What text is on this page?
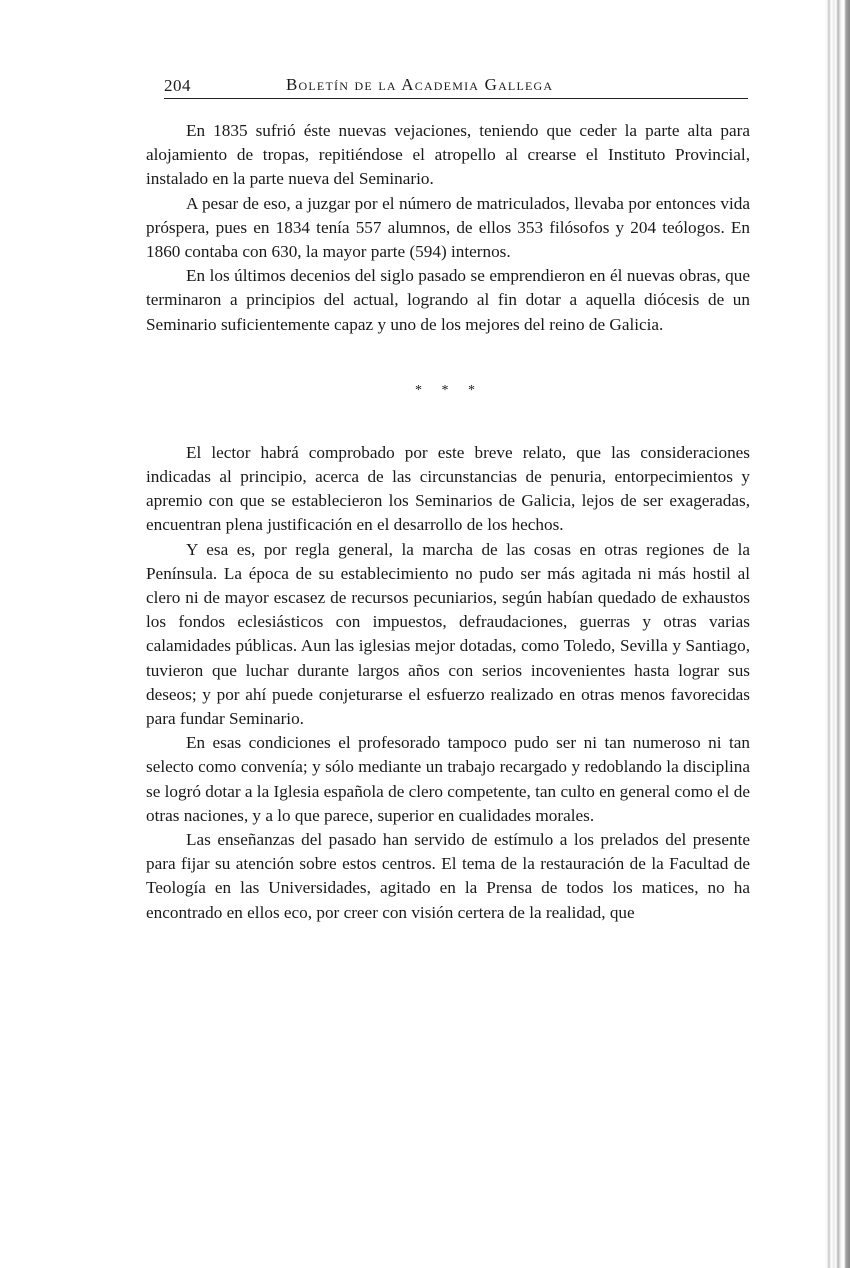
204	Boletín de la Academia Gallega

En 1835 sufrió éste nuevas vejaciones, teniendo que ceder la parte alta para alojamiento de tropas, repitiéndose el atropello al crearse el Instituto Provincial, instalado en la parte nueva del Seminario.

A pesar de eso, a juzgar por el número de matriculados, llevaba por entonces vida próspera, pues en 1834 tenía 557 alumnos, de ellos 353 filósofos y 204 teólogos. En 1860 contaba con 630, la mayor parte (594) internos.

En los últimos decenios del siglo pasado se emprendieron en él nuevas obras, que terminaron a principios del actual, logrando al fin dotar a aquella diócesis de un Seminario suficientemente capaz y uno de los mejores del reino de Galicia.

* * *

El lector habrá comprobado por este breve relato, que las consideraciones indicadas al principio, acerca de las circunstancias de penuria, entorpecimientos y apremio con que se establecieron los Seminarios de Galicia, lejos de ser exageradas, encuentran plena justificación en el desarrollo de los hechos.

Y esa es, por regla general, la marcha de las cosas en otras regiones de la Península. La época de su establecimiento no pudo ser más agitada ni más hostil al clero ni de mayor escasez de recursos pecuniarios, según habían quedado de exhaustos los fondos eclesiásticos con impuestos, defraudaciones, guerras y otras varias calamidades públicas. Aun las iglesias mejor dotadas, como Toledo, Sevilla y Santiago, tuvieron que luchar durante largos años con serios incovenientes hasta lograr sus deseos; y por ahí puede conjeturarse el esfuerzo realizado en otras menos favorecidas para fundar Seminario.

En esas condiciones el profesorado tampoco pudo ser ni tan numeroso ni tan selecto como convenía; y sólo mediante un trabajo recargado y redoblando la disciplina se logró dotar a la Iglesia española de clero competente, tan culto en general como el de otras naciones, y a lo que parece, superior en cualidades morales.

Las enseñanzas del pasado han servido de estímulo a los prelados del presente para fijar su atención sobre estos centros. El tema de la restauración de la Facultad de Teología en las Universidades, agitado en la Prensa de todos los matices, no ha encontrado en ellos eco, por creer con visión certera de la realidad, que
